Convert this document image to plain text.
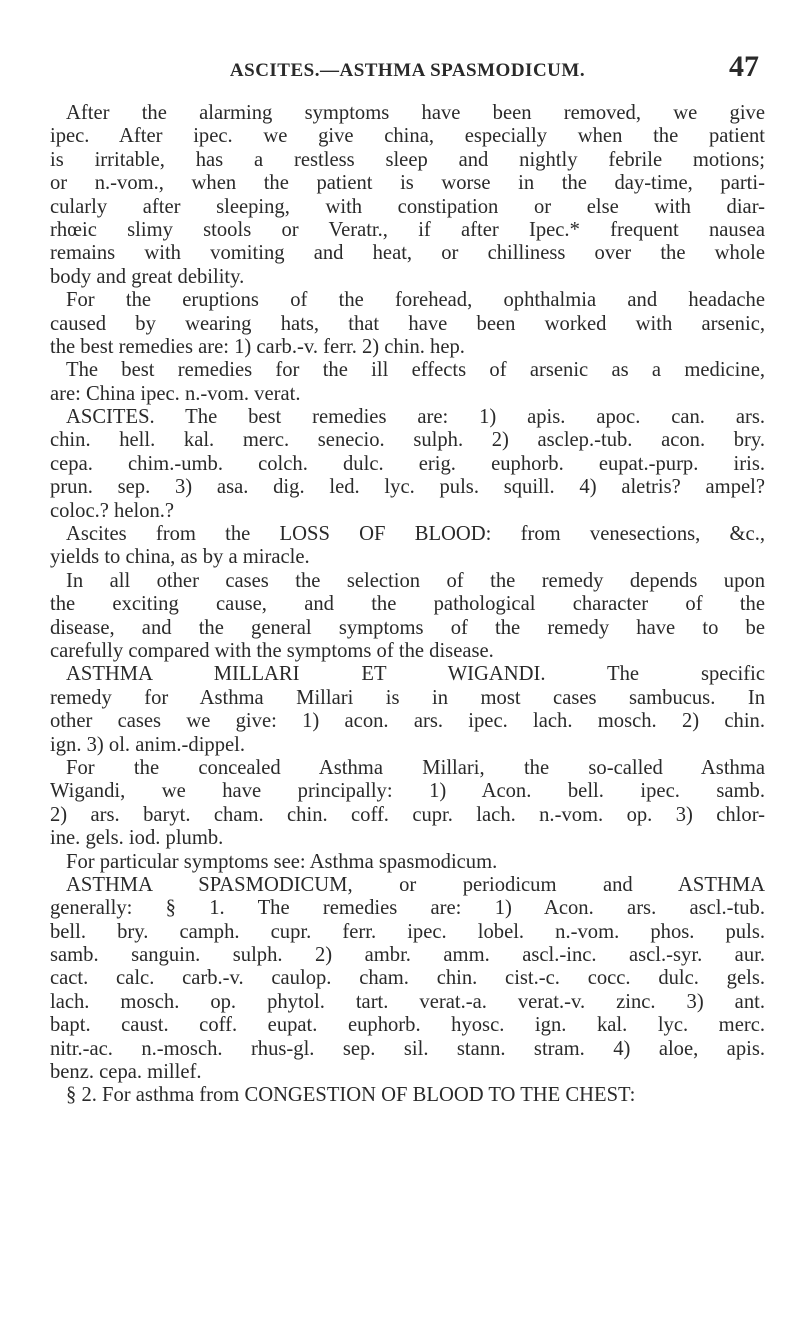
ASCITES.—ASTHMA SPASMODICUM.	47
After the alarming symptoms have been removed, we give
ipec. After ipec. we give china, especially when the patient
is irritable, has a restless sleep and nightly febrile motions;
or n.-vom., when the patient is worse in the day-time, parti-
cularly after sleeping, with constipation or else with diar-
rhœic slimy stools or Veratr., if after Ipec.* frequent nausea
remains with vomiting and heat, or chilliness over the whole
body and great debility.
For the eruptions of the forehead, ophthalmia and headache
caused by wearing hats, that have been worked with arsenic,
the best remedies are: 1) carb.-v. ferr. 2) chin. hep.
The best remedies for the ill effects of arsenic as a medicine,
are: China ipec. n.-vom. verat.
ASCITES. The best remedies are: 1) apis. apoc. can. ars.
chin. hell. kal. merc. senecio. sulph. 2) asclep.-tub. acon. bry.
cepa. chim.-umb. colch. dulc. erig. euphorb. eupat.-purp. iris.
prun. sep. 3) asa. dig. led. lyc. puls. squill. 4) aletris? ampel?
coloc.? helon.?
Ascites from the LOSS OF BLOOD: from venesections, &c.,
yields to china, as by a miracle.
In all other cases the selection of the remedy depends upon
the exciting cause, and the pathological character of the
disease, and the general symptoms of the remedy have to be
carefully compared with the symptoms of the disease.
ASTHMA MILLARI ET WIGANDI. The specific
remedy for Asthma Millari is in most cases sambucus. In
other cases we give: 1) acon. ars. ipec. lach. mosch. 2) chin.
ign. 3) ol. anim.-dippel.
For the concealed Asthma Millari, the so-called Asthma
Wigandi, we have principally: 1) Acon. bell. ipec. samb.
2) ars. baryt. cham. chin. coff. cupr. lach. n.-vom. op. 3) chlor-
ine. gels. iod. plumb.
For particular symptoms see: Asthma spasmodicum.
ASTHMA SPASMODICUM, or periodicum and ASTHMA
generally: § 1. The remedies are: 1) Acon. ars. ascl.-tub.
bell. bry. camph. cupr. ferr. ipec. lobel. n.-vom. phos. puls.
samb. sanguin. sulph. 2) ambr. amm. ascl.-inc. ascl.-syr. aur.
cact. calc. carb.-v. caulop. cham. chin. cist.-c. cocc. dulc. gels.
lach. mosch. op. phytol. tart. verat.-a. verat.-v. zinc. 3) ant.
bapt. caust. coff. eupat. euphorb. hyosc. ign. kal. lyc. merc.
nitr.-ac. n.-mosch. rhus-gl. sep. sil. stann. stram. 4) aloe, apis.
benz. cepa. millef.
§ 2. For asthma from CONGESTION OF BLOOD TO THE CHEST:
